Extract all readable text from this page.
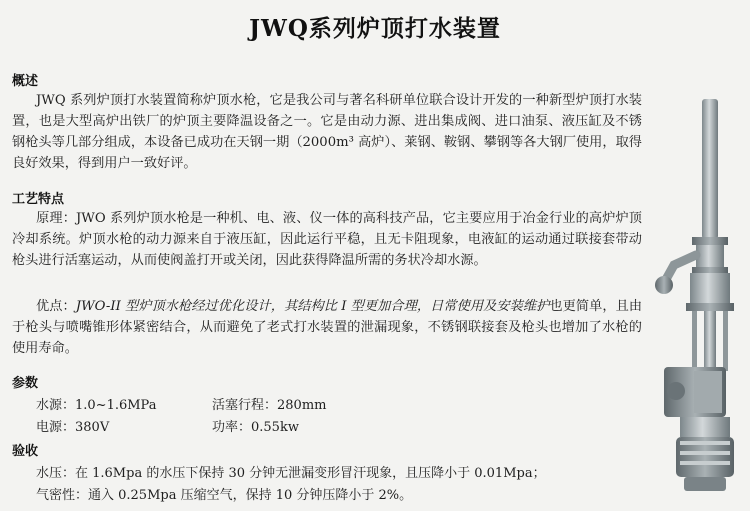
JWQ系列炉顶打水装置
概述

JWQ 系列炉顶打水装置简称炉顶水枪，它是我公司与著名科研单位联合设计开发的一种新型炉顶打水装置，也是大型高炉出铁厂的炉顶主要降温设备之一。它是由动力源、进出集成阀、进口油泵、液压缸及不锈钢枪头等几部分组成，本设备已成功在天钢一期（2000m³ 高炉）、莱钢、鞍钢、攀钢等各大钢厂使用，取得良好效果，得到用户一致好评。

工艺特点

原理：JWO 系列炉顶水枪是一种机、电、液、仪一体的高科技产品，它主要应用于冶金行业的高炉炉顶冷却系统。炉顶水枪的动力源来自于液压缸，因此运行平稳，且无卡阻现象，电液缸的运动通过联接套带动枪头进行活塞运动，从而使阀盖打开或关闭，因此获得降温所需的务状冷却水源。

优点：JWO-II 型炉顶水枪经过优化设计，其结构比 I 型更加合理，日常使用及安装维护也更简单，且由于枪头与喷嘴锥形体紧密结合，从而避免了老式打水装置的泄漏现象，不锈钢联接套及枪头也增加了水枪的使用寿命。

参数
水源：1.0~1.6MPa	活塞行程：280mm
电源：380V	功率：0.55kw
验收
水压：在 1.6Mpa 的水压下保持 30 分钟无泄漏变形冒汗现象，且压降小于 0.01Mpa；
气密性：通入 0.25Mpa 压缩空气，保持 10 分钟压降小于 2%。
